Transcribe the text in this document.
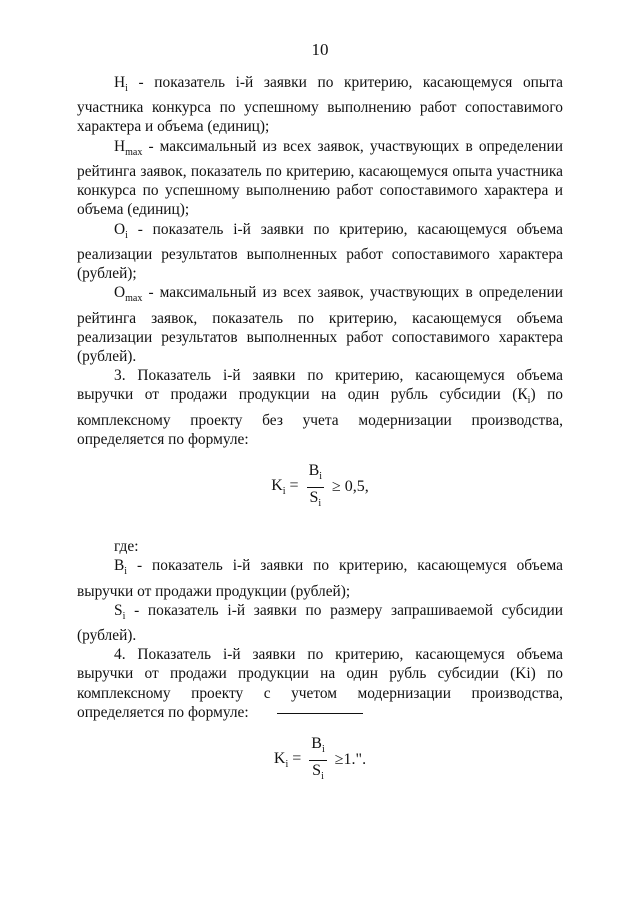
10

$Н_i$ - показатель i-й заявки по критерию, касающемуся опыта участника конкурса по успешному выполнению работ сопоставимого характера и объема (единиц);

$Н_{max}$ - максимальный из всех заявок, участвующих в определении рейтинга заявок, показатель по критерию, касающемуся опыта участника конкурса по успешному выполнению работ сопоставимого характера и объема (единиц);

$О_i$ - показатель i-й заявки по критерию, касающемуся объема реализации результатов выполненных работ сопоставимого характера (рублей);

$О_{max}$ - максимальный из всех заявок, участвующих в определении рейтинга заявок, показатель по критерию, касающемуся объема реализации результатов выполненных работ сопоставимого характера (рублей).

3. Показатель i-й заявки по критерию, касающемуся объема выручки от продажи продукции на один рубль субсидии $(К_i)$ по комплексному проекту без учета модернизации производства, определяется по формуле:

$K_i = \frac{B_i}{S_i} \ge 0,5$,

где:

$В_i$ - показатель i-й заявки по критерию, касающемуся объема выручки от продажи продукции (рублей);

$S_i$ - показатель i-й заявки по размеру запрашиваемой субсидии (рублей).

4. Показатель i-й заявки по критерию, касающемуся объема выручки от продажи продукции на один рубль субсидии (Ki) по комплексному проекту с учетом модернизации производства, определяется по формуле:

$K_i = \frac{B_i}{S_i} \ge 1$.".
